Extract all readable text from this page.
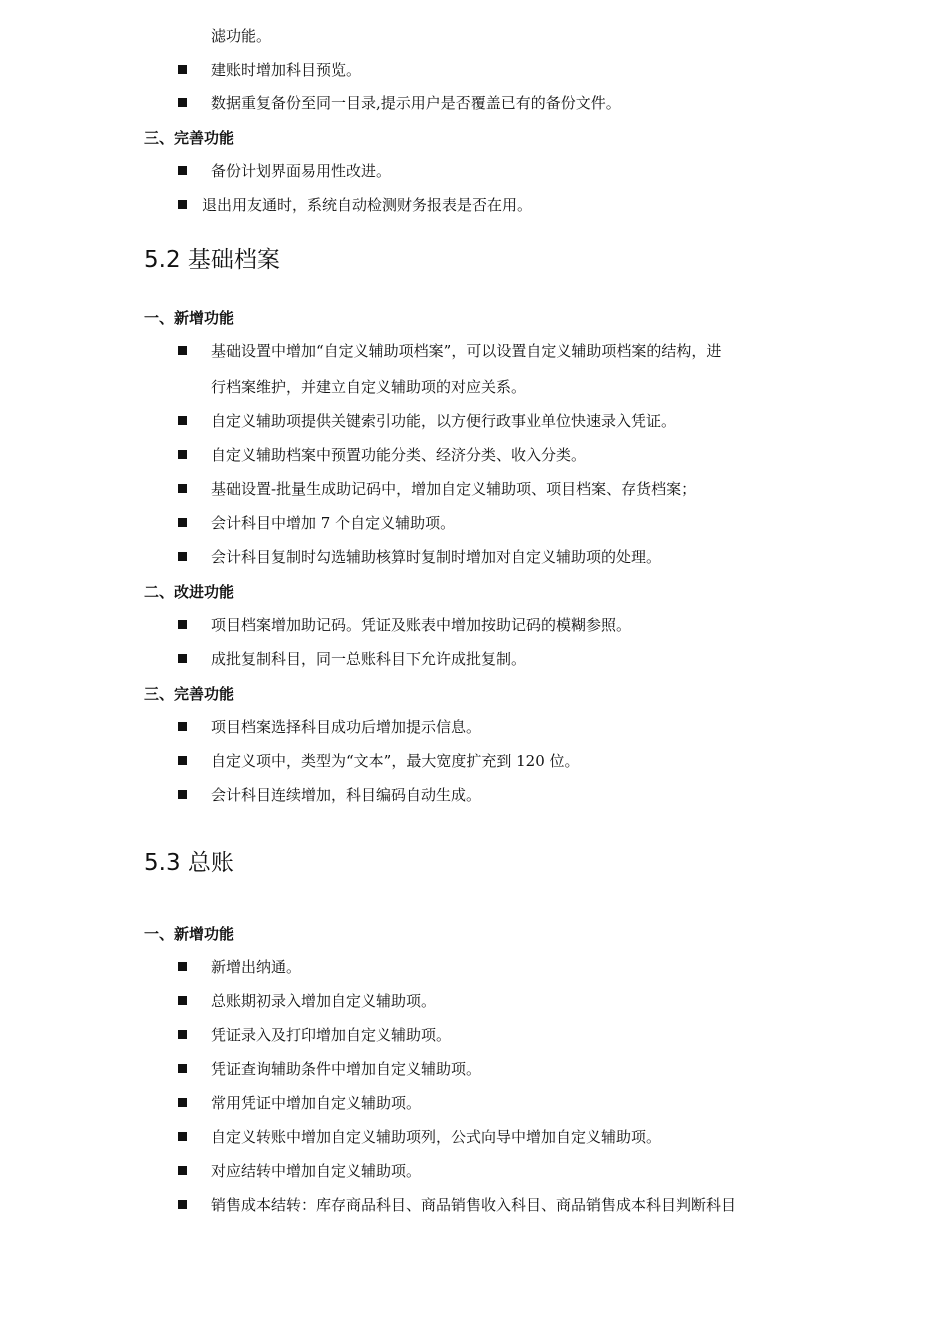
滤功能。
建账时增加科目预览。
数据重复备份至同一目录,提示用户是否覆盖已有的备份文件。
三、完善功能
备份计划界面易用性改进。
退出用友通时，系统自动检测财务报表是否在用。
5.2 基础档案
一、新增功能
基础设置中增加“自定义辅助项档案”，可以设置自定义辅助项档案的结构，进
行档案维护，并建立自定义辅助项的对应关系。
自定义辅助项提供关键索引功能，以方便行政事业单位快速录入凭证。
自定义辅助档案中预置功能分类、经济分类、收入分类。
基础设置-批量生成助记码中，增加自定义辅助项、项目档案、存货档案；
会计科目中增加 7 个自定义辅助项。
会计科目复制时勾选辅助核算时复制时增加对自定义辅助项的处理。
二、改进功能
项目档案增加助记码。凭证及账表中增加按助记码的模糊参照。
成批复制科目，同一总账科目下允许成批复制。
三、完善功能
项目档案选择科目成功后增加提示信息。
自定义项中，类型为“文本”，最大宽度扩充到 120 位。
会计科目连续增加，科目编码自动生成。
5.3 总账
一、新增功能
新增出纳通。
总账期初录入增加自定义辅助项。
凭证录入及打印增加自定义辅助项。
凭证查询辅助条件中增加自定义辅助项。
常用凭证中增加自定义辅助项。
自定义转账中增加自定义辅助项列，公式向导中增加自定义辅助项。
对应结转中增加自定义辅助项。
销售成本结转：库存商品科目、商品销售收入科目、商品销售成本科目判断科目
